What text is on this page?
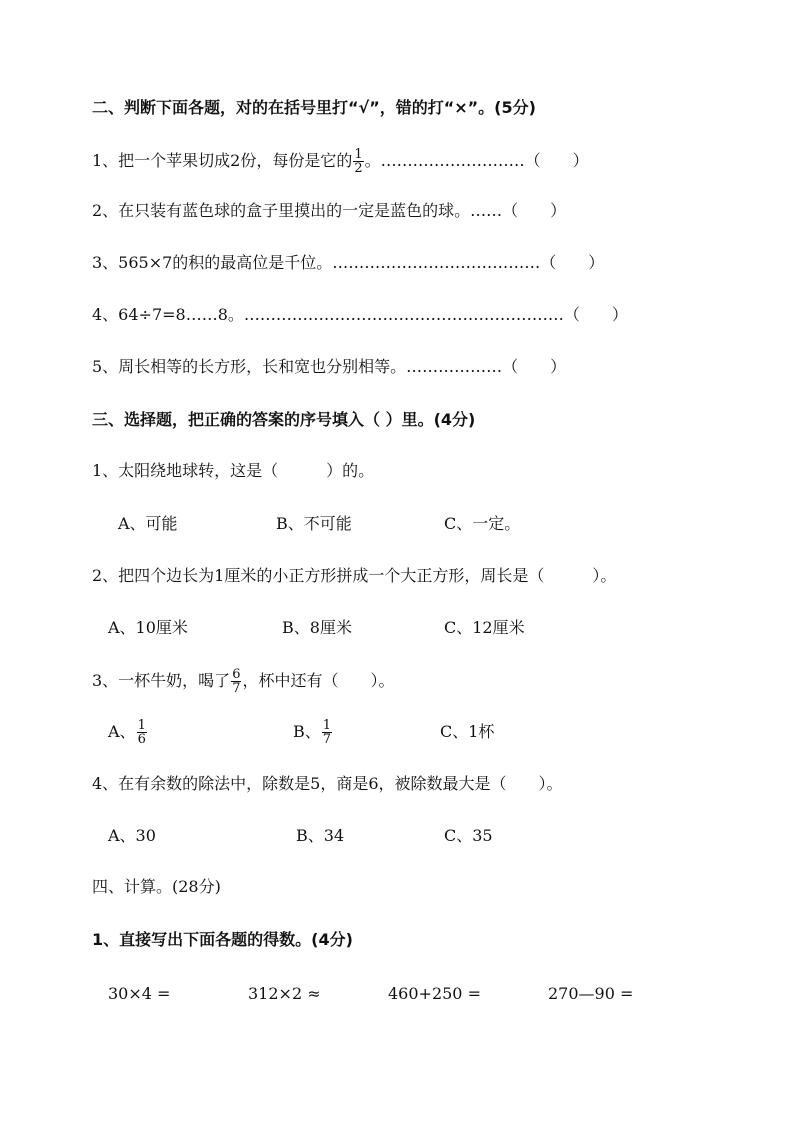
二、判断下面各题，对的在括号里打“√”，错的打“×”。(5分)
1、把一个苹果切成2份，每份是它的 $\frac{1}{2}$ 。………………………（　　）
2、在只装有蓝色球的盒子里摸出的一定是蓝色的球。……（　　）
3、565×7的积的最高位是千位。…………………………………（　　）
4、64÷7=8……8。……………………………………………………（　　）
5、周长相等的长方形，长和宽也分别相等。………………（　　）
三、选择题，把正确的答案的序号填入（ ）里。(4分)
1、太阳绕地球转，这是（　　　）的。
A、可能	B、不可能	C、一定。
2、把四个边长为1厘米的小正方形拼成一个大正方形，周长是（　　　）。
A、10厘米	B、8厘米	C、12厘米
3、一杯牛奶，喝了 $\frac{6}{7}$ ，杯中还有（　　）。
A、 $\frac{1}{6}$	B、 $\frac{1}{7}$	C、1杯
4、在有余数的除法中，除数是5，商是6，被除数最大是（　　）。
A、30	B、34	C、35
四、计算。(28分)
1、直接写出下面各题的得数。(4分)
30×4 =	312×2 ≈	460+250 =	270—90 =
